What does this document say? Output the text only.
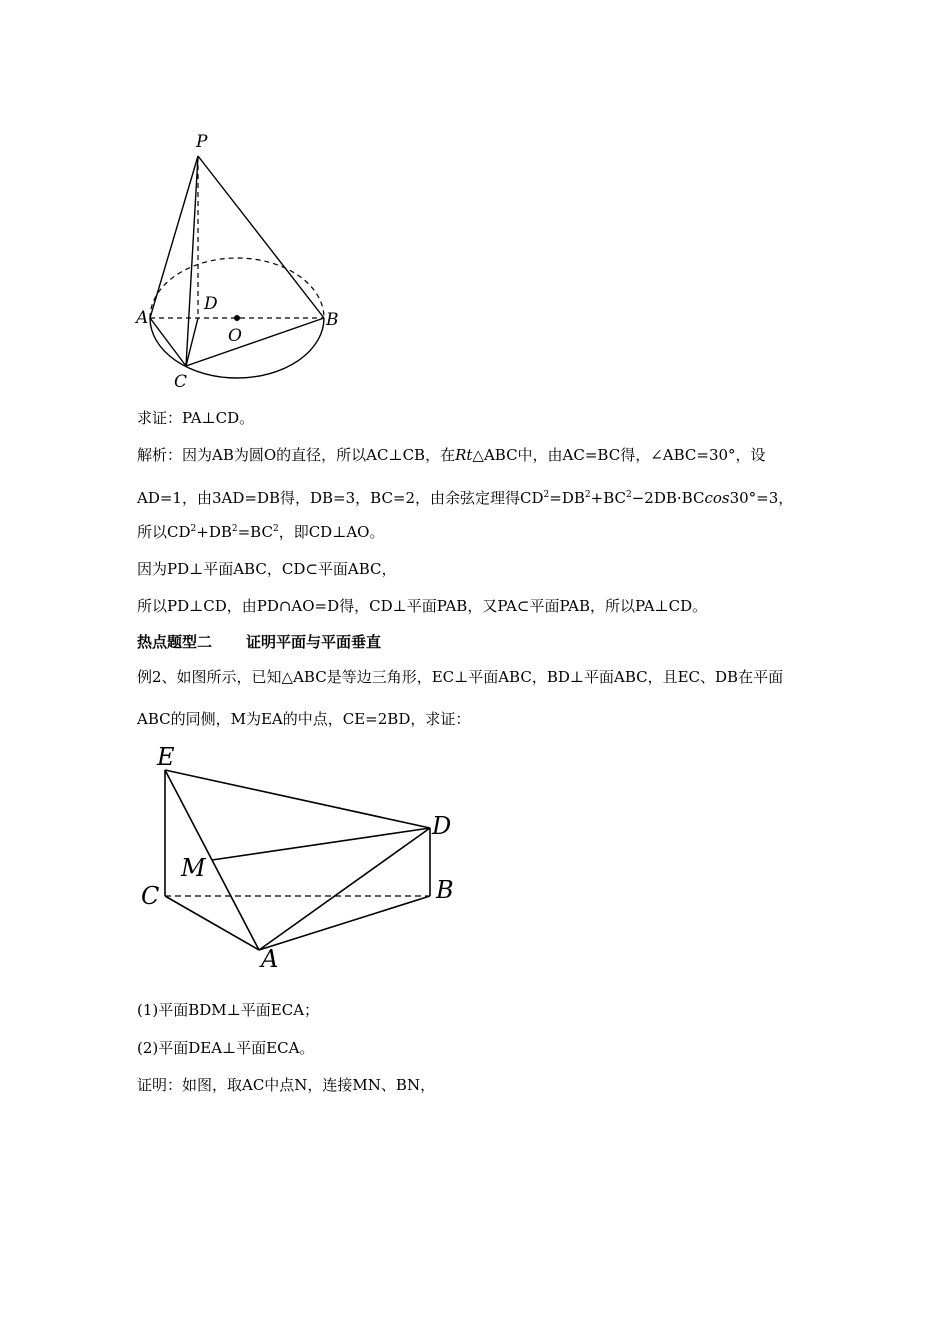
P
A	B
C
D
O
求证：PA⊥CD。
解析：因为AB为圆O的直径，所以AC⊥CB，在Rt△ABC中，由AC=BC得，∠ABC=30°，设
AD=1，由3AD=DB得，DB=3，BC=2，由余弦定理得$CD^2=DB^2+BC^2-2DB\cdot BCcos30^\circ=3$，
所以$CD^2+DB^2=BC^2$，即CD⊥AO。
因为PD⊥平面ABC，CD⊂平面ABC，
所以PD⊥CD，由PD∩AO=D得，CD⊥平面PAB，又PA⊂平面PAB，所以PA⊥CD。
热点题型二 证明平面与平面垂直
例2、如图所示，已知△ABC是等边三角形，EC⊥平面ABC，BD⊥平面ABC，且EC、DB在平面
ABC的同侧，M为EA的中点，CE=2BD，求证：
E
D
M
C	B
A
(1)平面BDM⊥平面ECA；
(2)平面DEA⊥平面ECA。
证明：如图，取AC中点N，连接MN、BN，
